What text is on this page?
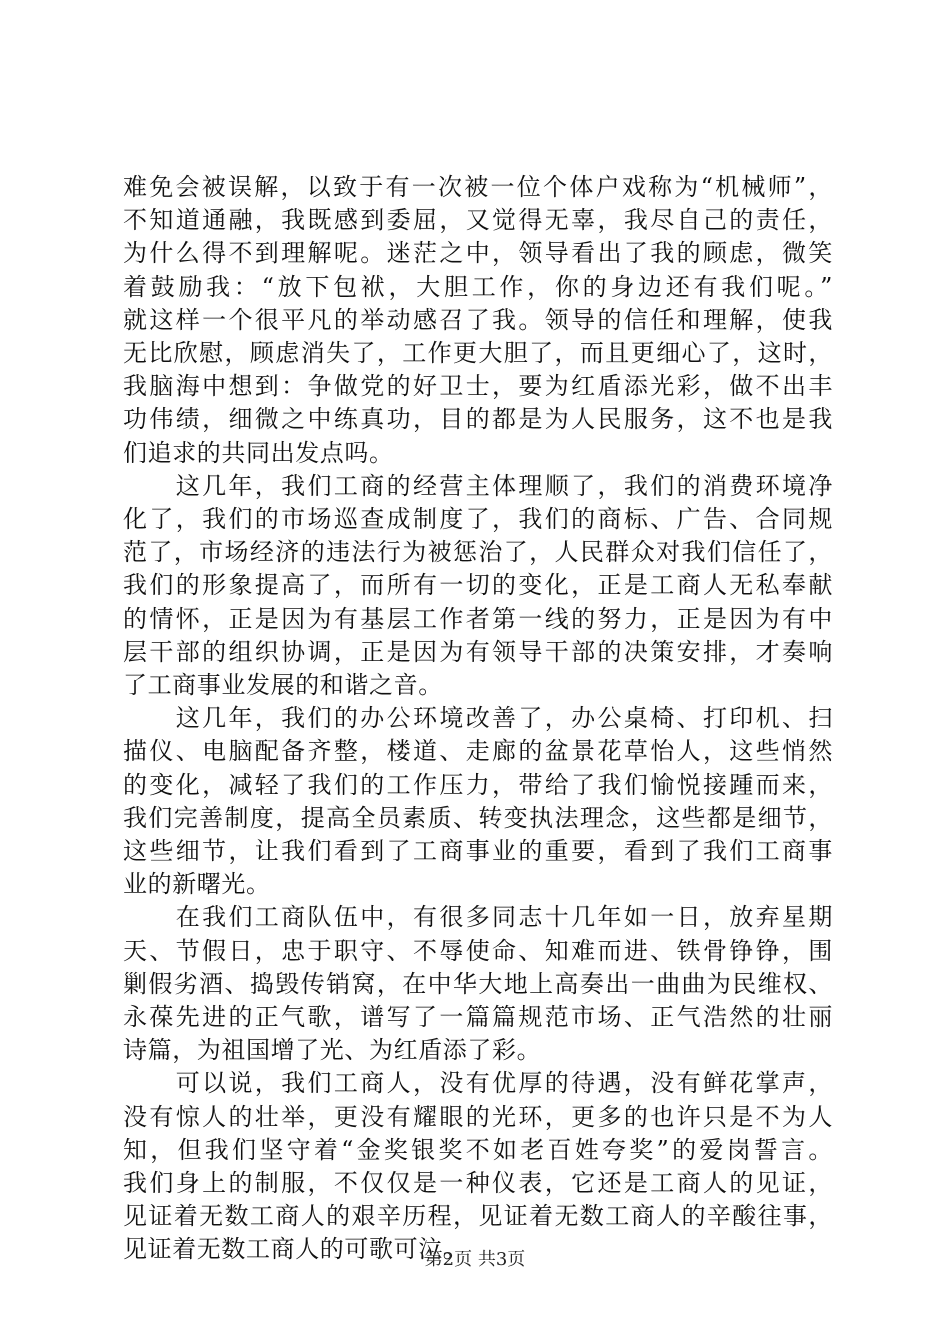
难免会被误解，以致于有一次被一位个体户戏称为“机械师”，
不知道通融，我既感到委屈，又觉得无辜，我尽自己的责任，
为什么得不到理解呢。迷茫之中，领导看出了我的顾虑，微笑
着鼓励我：“放下包袱，大胆工作，你的身边还有我们呢。”
就这样一个很平凡的举动感召了我。领导的信任和理解，使我
无比欣慰，顾虑消失了，工作更大胆了，而且更细心了，这时，
我脑海中想到：争做党的好卫士，要为红盾添光彩，做不出丰
功伟绩，细微之中练真功，目的都是为人民服务，这不也是我
们追求的共同出发点吗。
　　这几年，我们工商的经营主体理顺了，我们的消费环境净
化了，我们的市场巡查成制度了，我们的商标、广告、合同规
范了，市场经济的违法行为被惩治了，人民群众对我们信任了，
我们的形象提高了，而所有一切的变化，正是工商人无私奉献
的情怀，正是因为有基层工作者第一线的努力，正是因为有中
层干部的组织协调，正是因为有领导干部的决策安排，才奏响
了工商事业发展的和谐之音。
　　这几年，我们的办公环境改善了，办公桌椅、打印机、扫
描仪、电脑配备齐整，楼道、走廊的盆景花草怡人，这些悄然
的变化，减轻了我们的工作压力，带给了我们愉悦接踵而来，
我们完善制度，提高全员素质、转变执法理念，这些都是细节，
这些细节，让我们看到了工商事业的重要，看到了我们工商事
业的新曙光。
　　在我们工商队伍中，有很多同志十几年如一日，放弃星期
天、节假日，忠于职守、不辱使命、知难而进、铁骨铮铮，围
剿假劣酒、捣毁传销窝，在中华大地上高奏出一曲曲为民维权、
永葆先进的正气歌，谱写了一篇篇规范市场、正气浩然的壮丽
诗篇，为祖国增了光、为红盾添了彩。
　　可以说，我们工商人，没有优厚的待遇，没有鲜花掌声，
没有惊人的壮举，更没有耀眼的光环，更多的也许只是不为人
知，但我们坚守着“金奖银奖不如老百姓夸奖”的爱岗誓言。
我们身上的制服，不仅仅是一种仪表，它还是工商人的见证，
见证着无数工商人的艰辛历程，见证着无数工商人的辛酸往事，
见证着无数工商人的可歌可泣。
第2页 共3页
